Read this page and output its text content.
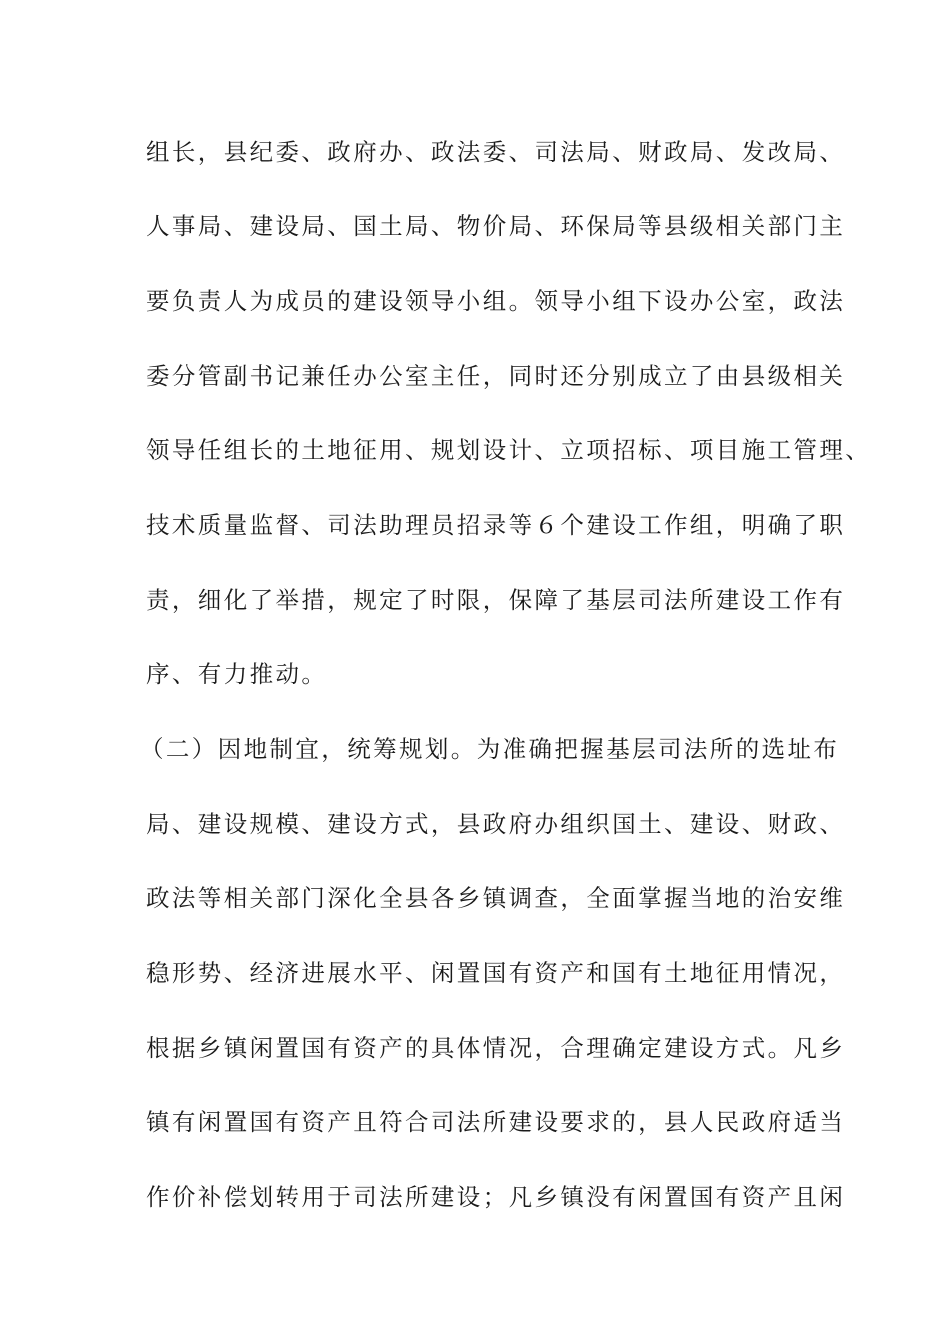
组长，县纪委、政府办、政法委、司法局、财政局、发改局、
人事局、建设局、国土局、物价局、环保局等县级相关部门主
要负责人为成员的建设领导小组。领导小组下设办公室，政法
委分管副书记兼任办公室主任，同时还分别成立了由县级相关
领导任组长的土地征用、规划设计、立项招标、项目施工管理、
技术质量监督、司法助理员招录等６个建设工作组，明确了职
责，细化了举措，规定了时限，保障了基层司法所建设工作有
序、有力推动。
（二）因地制宜，统筹规划。为准确把握基层司法所的选址布
局、建设规模、建设方式，县政府办组织国土、建设、财政、
政法等相关部门深化全县各乡镇调查，全面掌握当地的治安维
稳形势、经济进展水平、闲置国有资产和国有土地征用情况，
根据乡镇闲置国有资产的具体情况，合理确定建设方式。凡乡
镇有闲置国有资产且符合司法所建设要求的，县人民政府适当
作价补偿划转用于司法所建设；凡乡镇没有闲置国有资产且闲
